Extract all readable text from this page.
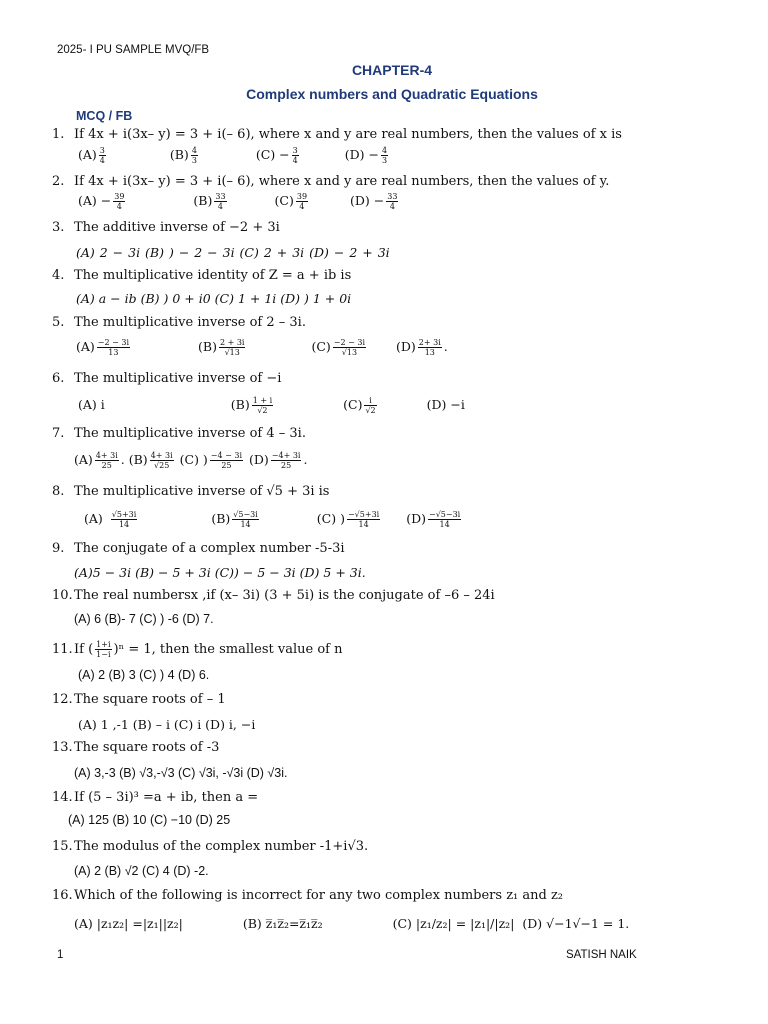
2025- I PU SAMPLE MVQ/FB
CHAPTER-4
Complex numbers and Quadratic Equations
MCQ / FB
1. If 4x + i(3x– y) = 3 + i(– 6), where x and y are real numbers, then the values of x is
$(A) \frac{3}{4}$	$(B) \frac{4}{3}$	$(C) - \frac{3}{4}$	$(D) - \frac{4}{3}$
2. If 4x + i(3x– y) = 3 + i(– 6), where x and y are real numbers, then the values of y.
$(A) - \frac{39}{4}$	$(B) \frac{33}{4}$	$(C) \frac{39}{4}$	$(D) - \frac{33}{4}$
3. The additive inverse of −2 + 3i
(A) 2 − 3i (B) ) − 2 − 3i (C) 2 + 3i (D) − 2 + 3i
4. The multiplicative identity of Z = a + ib is
(A) a − ib (B) ) 0 + i0 (C) 1 + 1i (D) ) 1 + 0i
5. The multiplicative inverse of 2 – 3i.
$(A) \frac{-2 - 3i}{13}$	$(B) \frac{2 + 3i}{√13}$	$(C) \frac{-2 - 3i}{√13} (D) \frac{2+ 3i}{13}$ .
6. The multiplicative inverse of −i
(A) i	$(B) \frac{1 + i}{√2}$	$(C) \frac{i}{√2}$	(D) −i
7. The multiplicative inverse of 4 – 3i.
$(A) \frac{4+ 3i}{25}$ . $(B) \frac{4+ 3i}{√25} (C)$ ) $\frac{-4 - 3i}{25} (D) \frac{-4+ 3i}{25}$ .
8. The multiplicative inverse of √5 + 3i is
$(A) \frac{√5+3i}{14}$	$(B) \frac{√5-3i}{14}$	(C) ) $\frac{-√5+3i}{14} (D) \frac{-√5-3i}{14}$
9. The conjugate of a complex number -5-3i
(A)5 − 3i (B) − 5 + 3i (C)) − 5 − 3i (D) 5 + 3i.
10.The real numbersx ,if (x– 3i) (3 + 5i) is the conjugate of –6 – 24i
(A) 6 (B)- 7 (C) ) -6 (D) 7.
11.If ( $\frac{1+i}{1-i} )^n = 1$, then the smallest value of n
(A) 2 (B) 3 (C) ) 4 (D) 6.
12.The square roots of – 1
(A) 1 ,-1 (B) – i (C) i (D) i, −i
13.The square roots of -3
(A) 3,-3 (B) √3,-√3 (C) √3i, -√3i (D) √3i.
14.If (5 – 3i)³ =a + ib, then a =
(A) 125 (B) 10 (C) −10 (D) 25
15.The modulus of the complex number -1+i√3.
(A) 2 (B) √2 (C) 4 (D) -2.
16.Which of the following is incorrect for any two complex numbers z₁ and z₂
(A) |z₁z₂| =|z₁||z₂|	(B) z̅₁z̅₂=z̅₁z̅₂	(C) |z₁/z₂| = |z₁|/|z₂| (D) √−1√−1 = 1.
1	SATISH NAIK
